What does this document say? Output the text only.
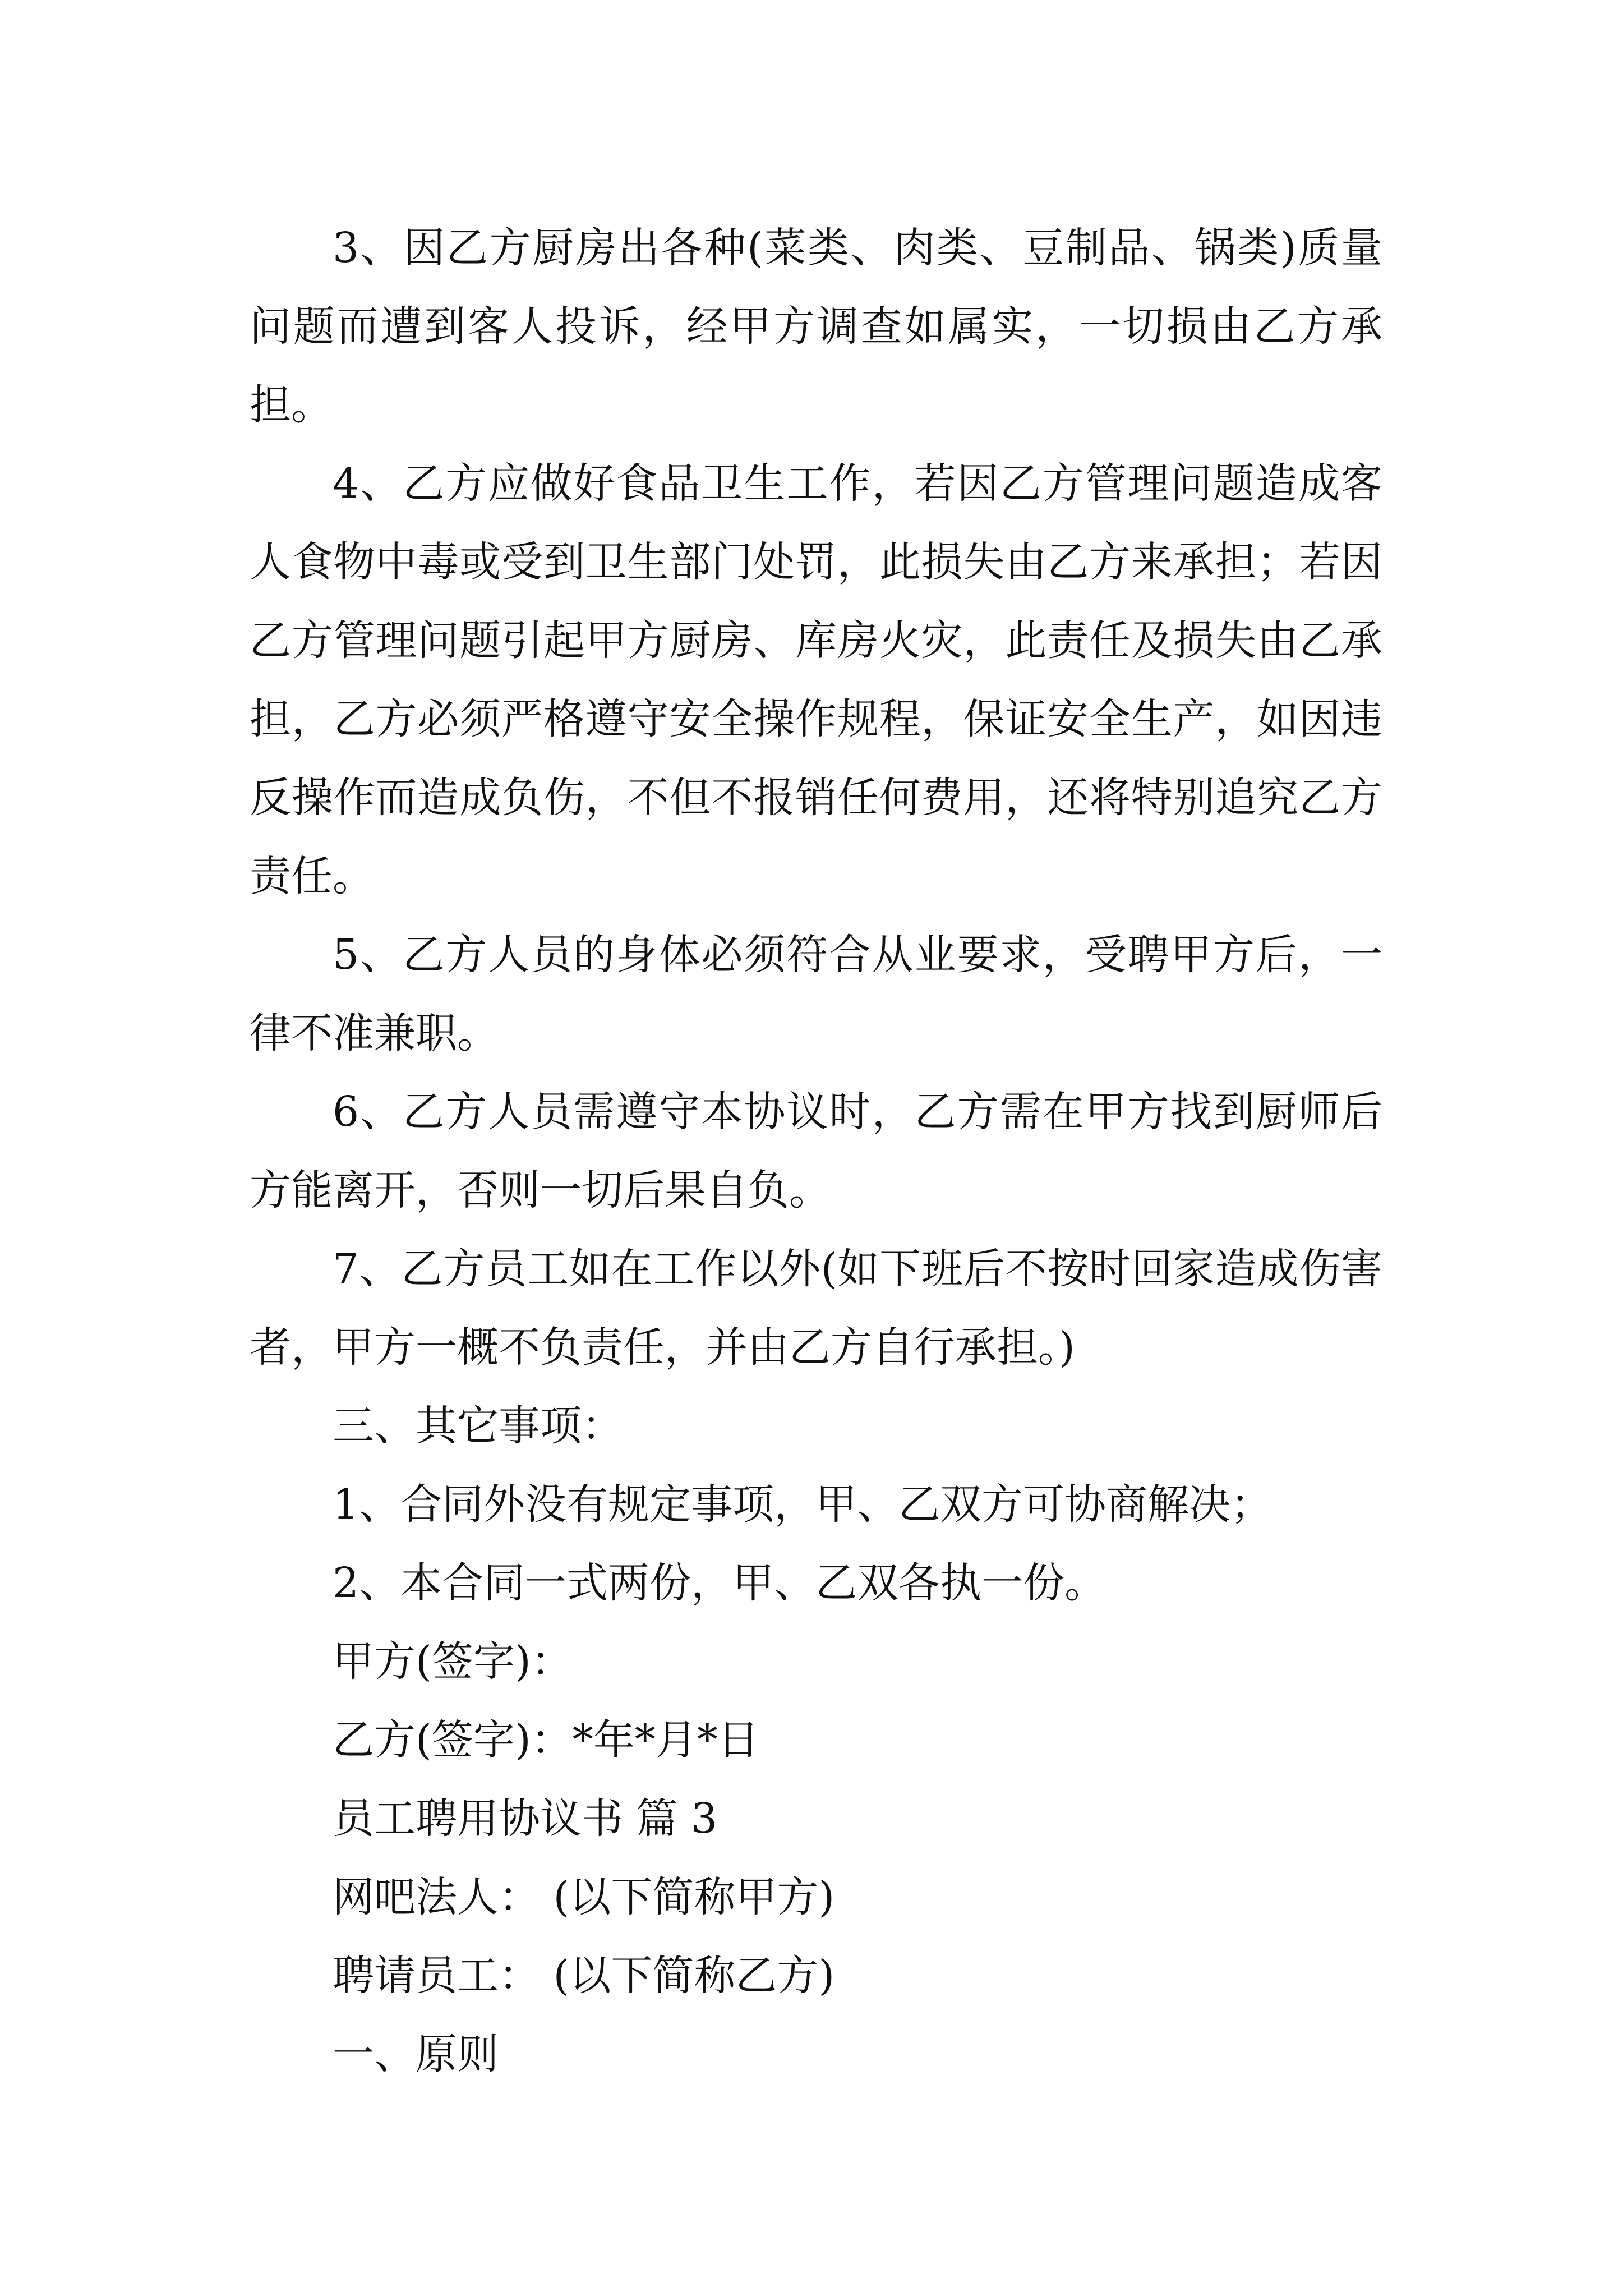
3、因乙方厨房出各种(菜类、肉类、豆制品、锅类)质量问题而遭到客人投诉，经甲方调查如属实，一切损由乙方承担。

4、乙方应做好食品卫生工作，若因乙方管理问题造成客人食物中毒或受到卫生部门处罚，此损失由乙方来承担；若因乙方管理问题引起甲方厨房、库房火灾，此责任及损失由乙承担，乙方必须严格遵守安全操作规程，保证安全生产，如因违反操作而造成负伤，不但不报销任何费用，还将特别追究乙方责任。

5、乙方人员的身体必须符合从业要求，受聘甲方后，一律不准兼职。

6、乙方人员需遵守本协议时，乙方需在甲方找到厨师后方能离开，否则一切后果自负。

7、乙方员工如在工作以外(如下班后不按时回家造成伤害者，甲方一概不负责任，并由乙方自行承担。)

三、其它事项：

1、合同外没有规定事项，甲、乙双方可协商解决；

2、本合同一式两份，甲、乙双各执一份。

甲方(签字)：

乙方(签字)：*年*月*日

员工聘用协议书 篇 3

网吧法人： (以下简称甲方)

聘请员工： (以下简称乙方)

一、原则
